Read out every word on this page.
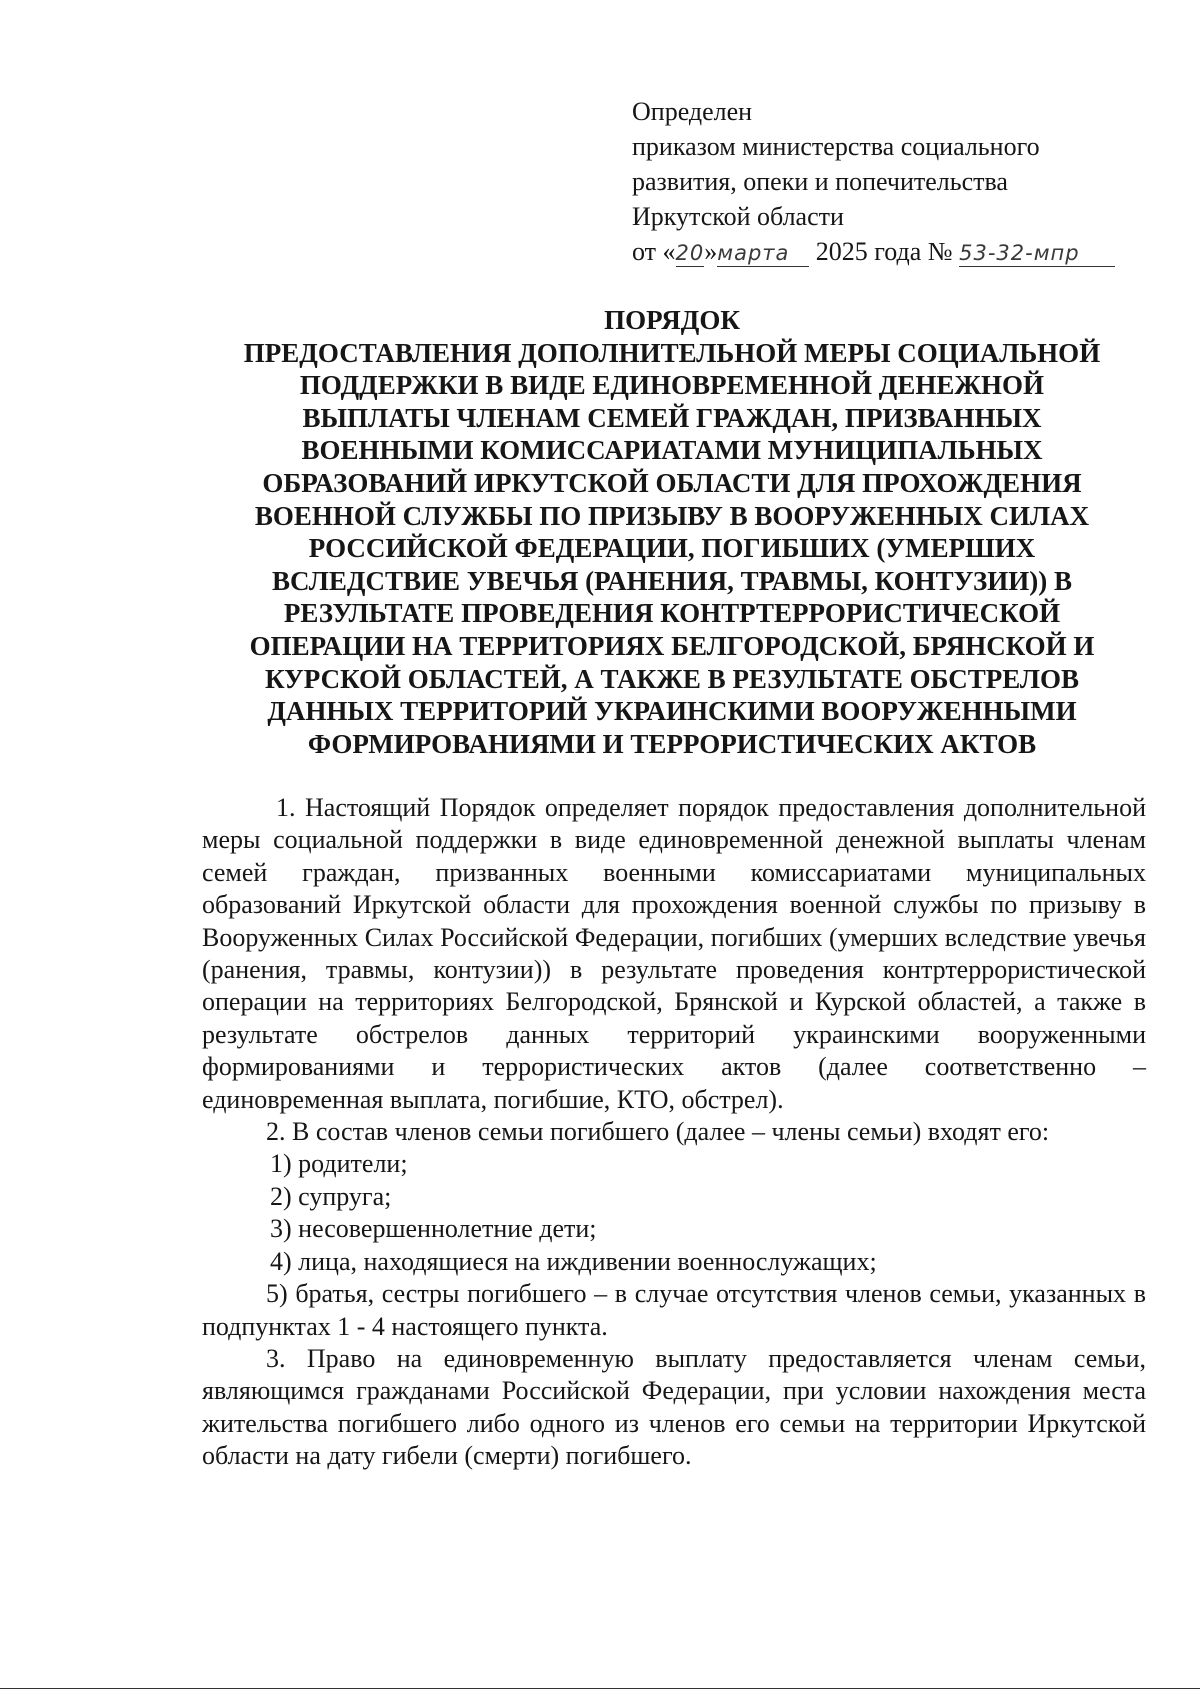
Определен
приказом министерства социального
развития, опеки и попечительства
Иркутской области
от «20»марта 2025 года № 53-32-мпр
ПОРЯДОК
ПРЕДОСТАВЛЕНИЯ ДОПОЛНИТЕЛЬНОЙ МЕРЫ СОЦИАЛЬНОЙ
ПОДДЕРЖКИ В ВИДЕ ЕДИНОВРЕМЕННОЙ ДЕНЕЖНОЙ
ВЫПЛАТЫ ЧЛЕНАМ СЕМЕЙ ГРАЖДАН, ПРИЗВАННЫХ
ВОЕННЫМИ КОМИССАРИАТАМИ МУНИЦИПАЛЬНЫХ
ОБРАЗОВАНИЙ ИРКУТСКОЙ ОБЛАСТИ ДЛЯ ПРОХОЖДЕНИЯ
ВОЕННОЙ СЛУЖБЫ ПО ПРИЗЫВУ В ВООРУЖЕННЫХ СИЛАХ
РОССИЙСКОЙ ФЕДЕРАЦИИ, ПОГИБШИХ (УМЕРШИХ
ВСЛЕДСТВИЕ УВЕЧЬЯ (РАНЕНИЯ, ТРАВМЫ, КОНТУЗИИ)) В
РЕЗУЛЬТАТЕ ПРОВЕДЕНИЯ КОНТРТЕРРОРИСТИЧЕСКОЙ
ОПЕРАЦИИ НА ТЕРРИТОРИЯХ БЕЛГОРОДСКОЙ, БРЯНСКОЙ И
КУРСКОЙ ОБЛАСТЕЙ, А ТАКЖЕ В РЕЗУЛЬТАТЕ ОБСТРЕЛОВ
ДАННЫХ ТЕРРИТОРИЙ УКРАИНСКИМИ ВООРУЖЕННЫМИ
ФОРМИРОВАНИЯМИ И ТЕРРОРИСТИЧЕСКИХ АКТОВ

1. Настоящий Порядок определяет порядок предоставления дополнительной меры социальной поддержки в виде единовременной денежной выплаты членам семей граждан, призванных военными комиссариатами муниципальных образований Иркутской области для прохождения военной службы по призыву в Вооруженных Силах Российской Федерации, погибших (умерших вследствие увечья (ранения, травмы, контузии)) в результате проведения контртеррористической операции на территориях Белгородской, Брянской и Курской областей, а также в результате обстрелов данных территорий украинскими вооруженными формированиями и террористических актов (далее соответственно – единовременная выплата, погибшие, КТО, обстрел).

2. В состав членов семьи погибшего (далее – члены семьи) входят его:

1) родители;

2) супруга;

3) несовершеннолетние дети;

4) лица, находящиеся на иждивении военнослужащих;

5) братья, сестры погибшего – в случае отсутствия членов семьи, указанных в подпунктах 1 - 4 настоящего пункта.

3. Право на единовременную выплату предоставляется членам семьи, являющимся гражданами Российской Федерации, при условии нахождения места жительства погибшего либо одного из членов его семьи на территории Иркутской области на дату гибели (смерти) погибшего.
